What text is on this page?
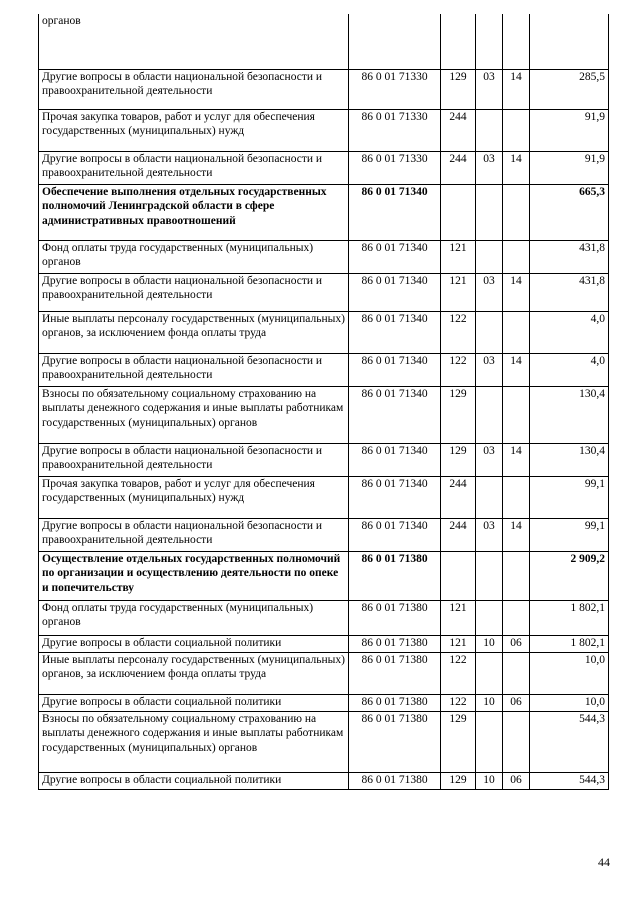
органов					
Другие вопросы в области национальной безопасности и правоохранительной деятельности	86 0 01 71330	129	03	14	285,5
Прочая закупка товаров, работ и услуг для обеспечения государственных (муниципальных) нужд	86 0 01 71330	244			91,9
Другие вопросы в области национальной безопасности и правоохранительной деятельности	86 0 01 71330	244	03	14	91,9
Обеспечение выполнения отдельных государственных полномочий Ленинградской области в сфере административных правоотношений	86 0 01 71340				665,3
Фонд оплаты труда государственных (муниципальных) органов	86 0 01 71340	121			431,8
Другие вопросы в области национальной безопасности и правоохранительной деятельности	86 0 01 71340	121	03	14	431,8
Иные выплаты персоналу государственных (муниципальных) органов, за исключением фонда оплаты труда	86 0 01 71340	122			4,0
Другие вопросы в области национальной безопасности и правоохранительной деятельности	86 0 01 71340	122	03	14	4,0
Взносы по обязательному социальному страхованию на выплаты денежного содержания и иные выплаты работникам государственных (муниципальных) органов	86 0 01 71340	129			130,4
Другие вопросы в области национальной безопасности и правоохранительной деятельности	86 0 01 71340	129	03	14	130,4
Прочая закупка товаров, работ и услуг для обеспечения государственных (муниципальных) нужд	86 0 01 71340	244			99,1
Другие вопросы в области национальной безопасности и правоохранительной деятельности	86 0 01 71340	244	03	14	99,1
Осуществление отдельных государственных полномочий по организации и осуществлению деятельности по опеке и попечительству	86 0 01 71380				2 909,2
Фонд оплаты труда государственных (муниципальных) органов	86 0 01 71380	121			1 802,1
Другие вопросы в области социальной политики	86 0 01 71380	121	10	06	1 802,1
Иные выплаты персоналу государственных (муниципальных) органов, за исключением фонда оплаты труда	86 0 01 71380	122			10,0
Другие вопросы в области социальной политики	86 0 01 71380	122	10	06	10,0
Взносы по обязательному социальному страхованию на выплаты денежного содержания и иные выплаты работникам государственных (муниципальных) органов	86 0 01 71380	129			544,3
Другие вопросы в области социальной политики	86 0 01 71380	129	10	06	544,3
44
